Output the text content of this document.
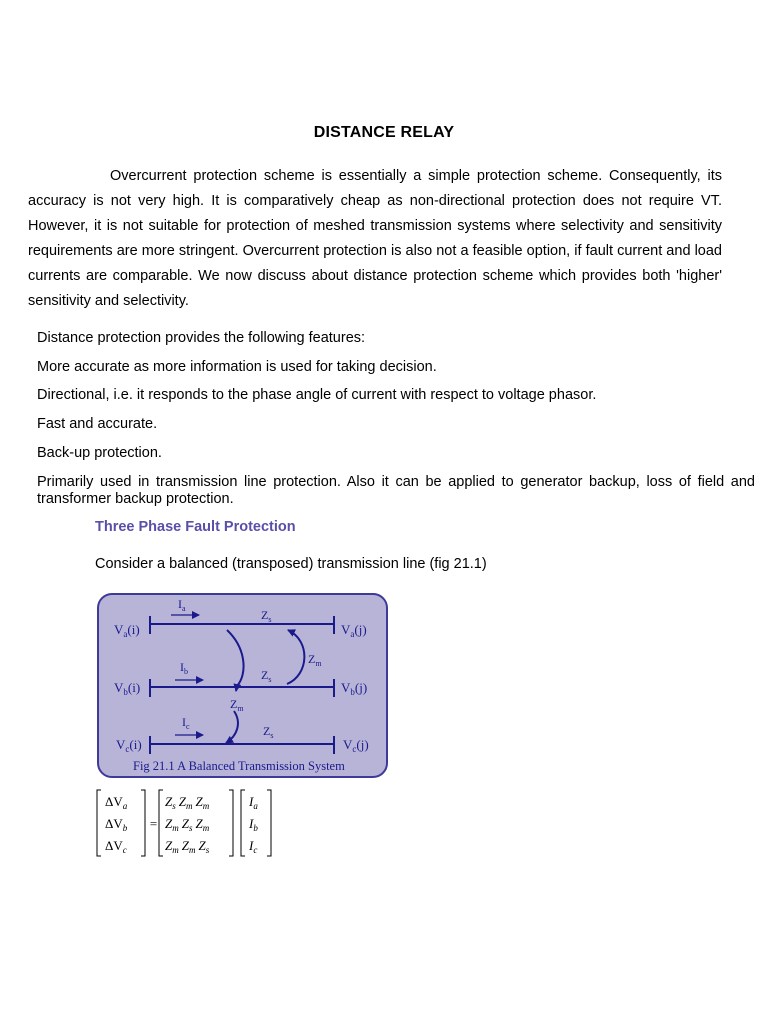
DISTANCE RELAY

Overcurrent protection scheme is essentially a simple protection scheme. Consequently, its accuracy is not very high. It is comparatively cheap as non-directional protection does not require VT. However, it is not suitable for protection of meshed transmission systems where selectivity and sensitivity requirements are more stringent. Overcurrent protection is also not a feasible option, if fault current and load currents are comparable. We now discuss about distance protection scheme which provides both 'higher' sensitivity and selectivity.

Distance protection provides the following features:

More accurate as more information is used for taking decision.

Directional, i.e. it responds to the phase angle of current with respect to voltage phasor.

Fast and accurate.

Back-up protection.

Primarily used in transmission line protection. Also it can be applied to generator backup, loss of field and transformer backup protection.

Three Phase Fault Protection

Consider a balanced (transposed) transmission line (fig 21.1)

$V_a(i)$	$V_a(j)$
$I_a$	$Z_s$
$V_b(i)$	$V_b(j)$
$I_b$	$Z_s$
$V_c(i)$	$V_c(j)$
$I_c$	$Z_s$
$Z_m$
$Z_m$
Fig 21.1 A Balanced Transmission System
$\Delta V_a$
$\Delta V_b$
$\Delta V_c$
=
$Z_s$ $Z_m$ $Z_m$
$Z_m$ $Z_s$ $Z_m$
$Z_m$ $Z_m$ $Z_s$
$I_a$
$I_b$
$I_c$
